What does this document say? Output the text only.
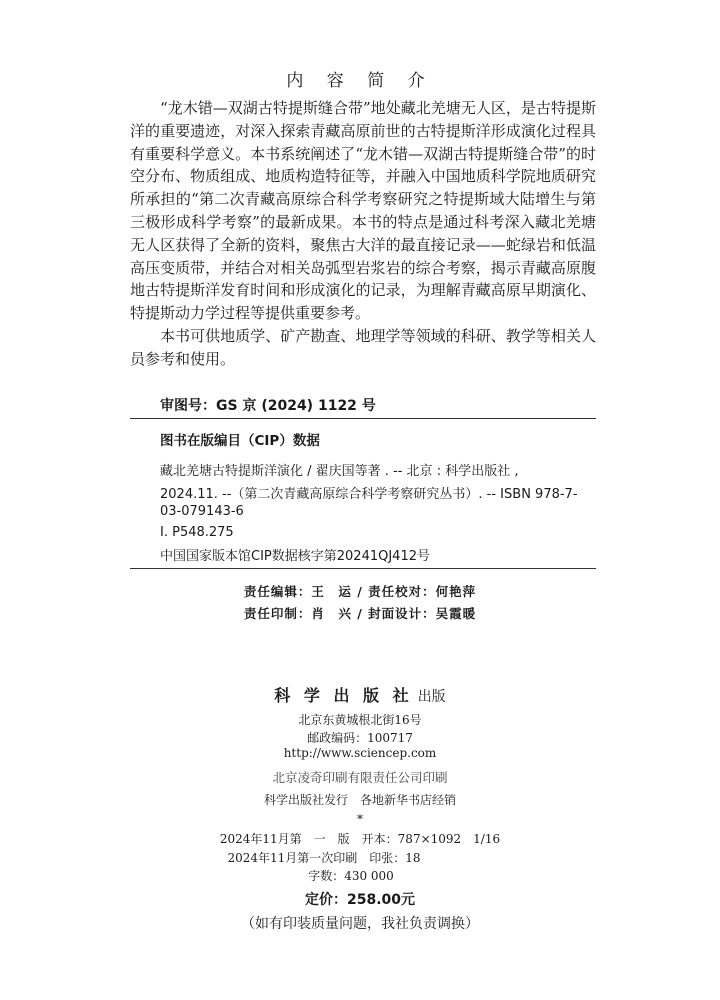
内 容 简 介

“龙木错—双湖古特提斯缝合带”地处藏北羌塘无人区，是古特提斯洋的重要遗迹，对深入探索青藏高原前世的古特提斯洋形成演化过程具有重要科学意义。本书系统阐述了“龙木错—双湖古特提斯缝合带”的时空分布、物质组成、地质构造特征等，并融入中国地质科学院地质研究所承担的“第二次青藏高原综合科学考察研究之特提斯域大陆增生与第三极形成科学考察”的最新成果。本书的特点是通过科考深入藏北羌塘无人区获得了全新的资料，聚焦古大洋的最直接记录——蛇绿岩和低温高压变质带，并结合对相关岛弧型岩浆岩的综合考察，揭示青藏高原腹地古特提斯洋发育时间和形成演化的记录，为理解青藏高原早期演化、特提斯动力学过程等提供重要参考。

本书可供地质学、矿产勘查、地理学等领域的科研、教学等相关人员参考和使用。

审图号：GS 京 (2024) 1122 号
图书在版编目（CIP）数据
藏北羌塘古特提斯洋演化 / 翟庆国等著 . -- 北京 : 科学出版社 ,
2024.11. --（第二次青藏高原综合科学考察研究丛书）. -- ISBN 978-7-
03-079143-6
Ⅰ. P548.275
中国国家版本馆CIP数据核字第20241QJ412号
责任编辑：王　运 / 责任校对：何艳萍
责任印制：肖　兴 / 封面设计：吴霞暖
科 学 出 版 社 出版
北京东黄城根北街16号
邮政编码：100717
http://www.sciencep.com
北京凌奇印刷有限责任公司印刷
科学出版社发行　各地新华书店经销
*
2024年11月第　一　版　开本：787×1092　1/16
2024年11月第一次印刷　印张：18
字数：430 000
定价：258.00元
（如有印装质量问题，我社负责调换）
